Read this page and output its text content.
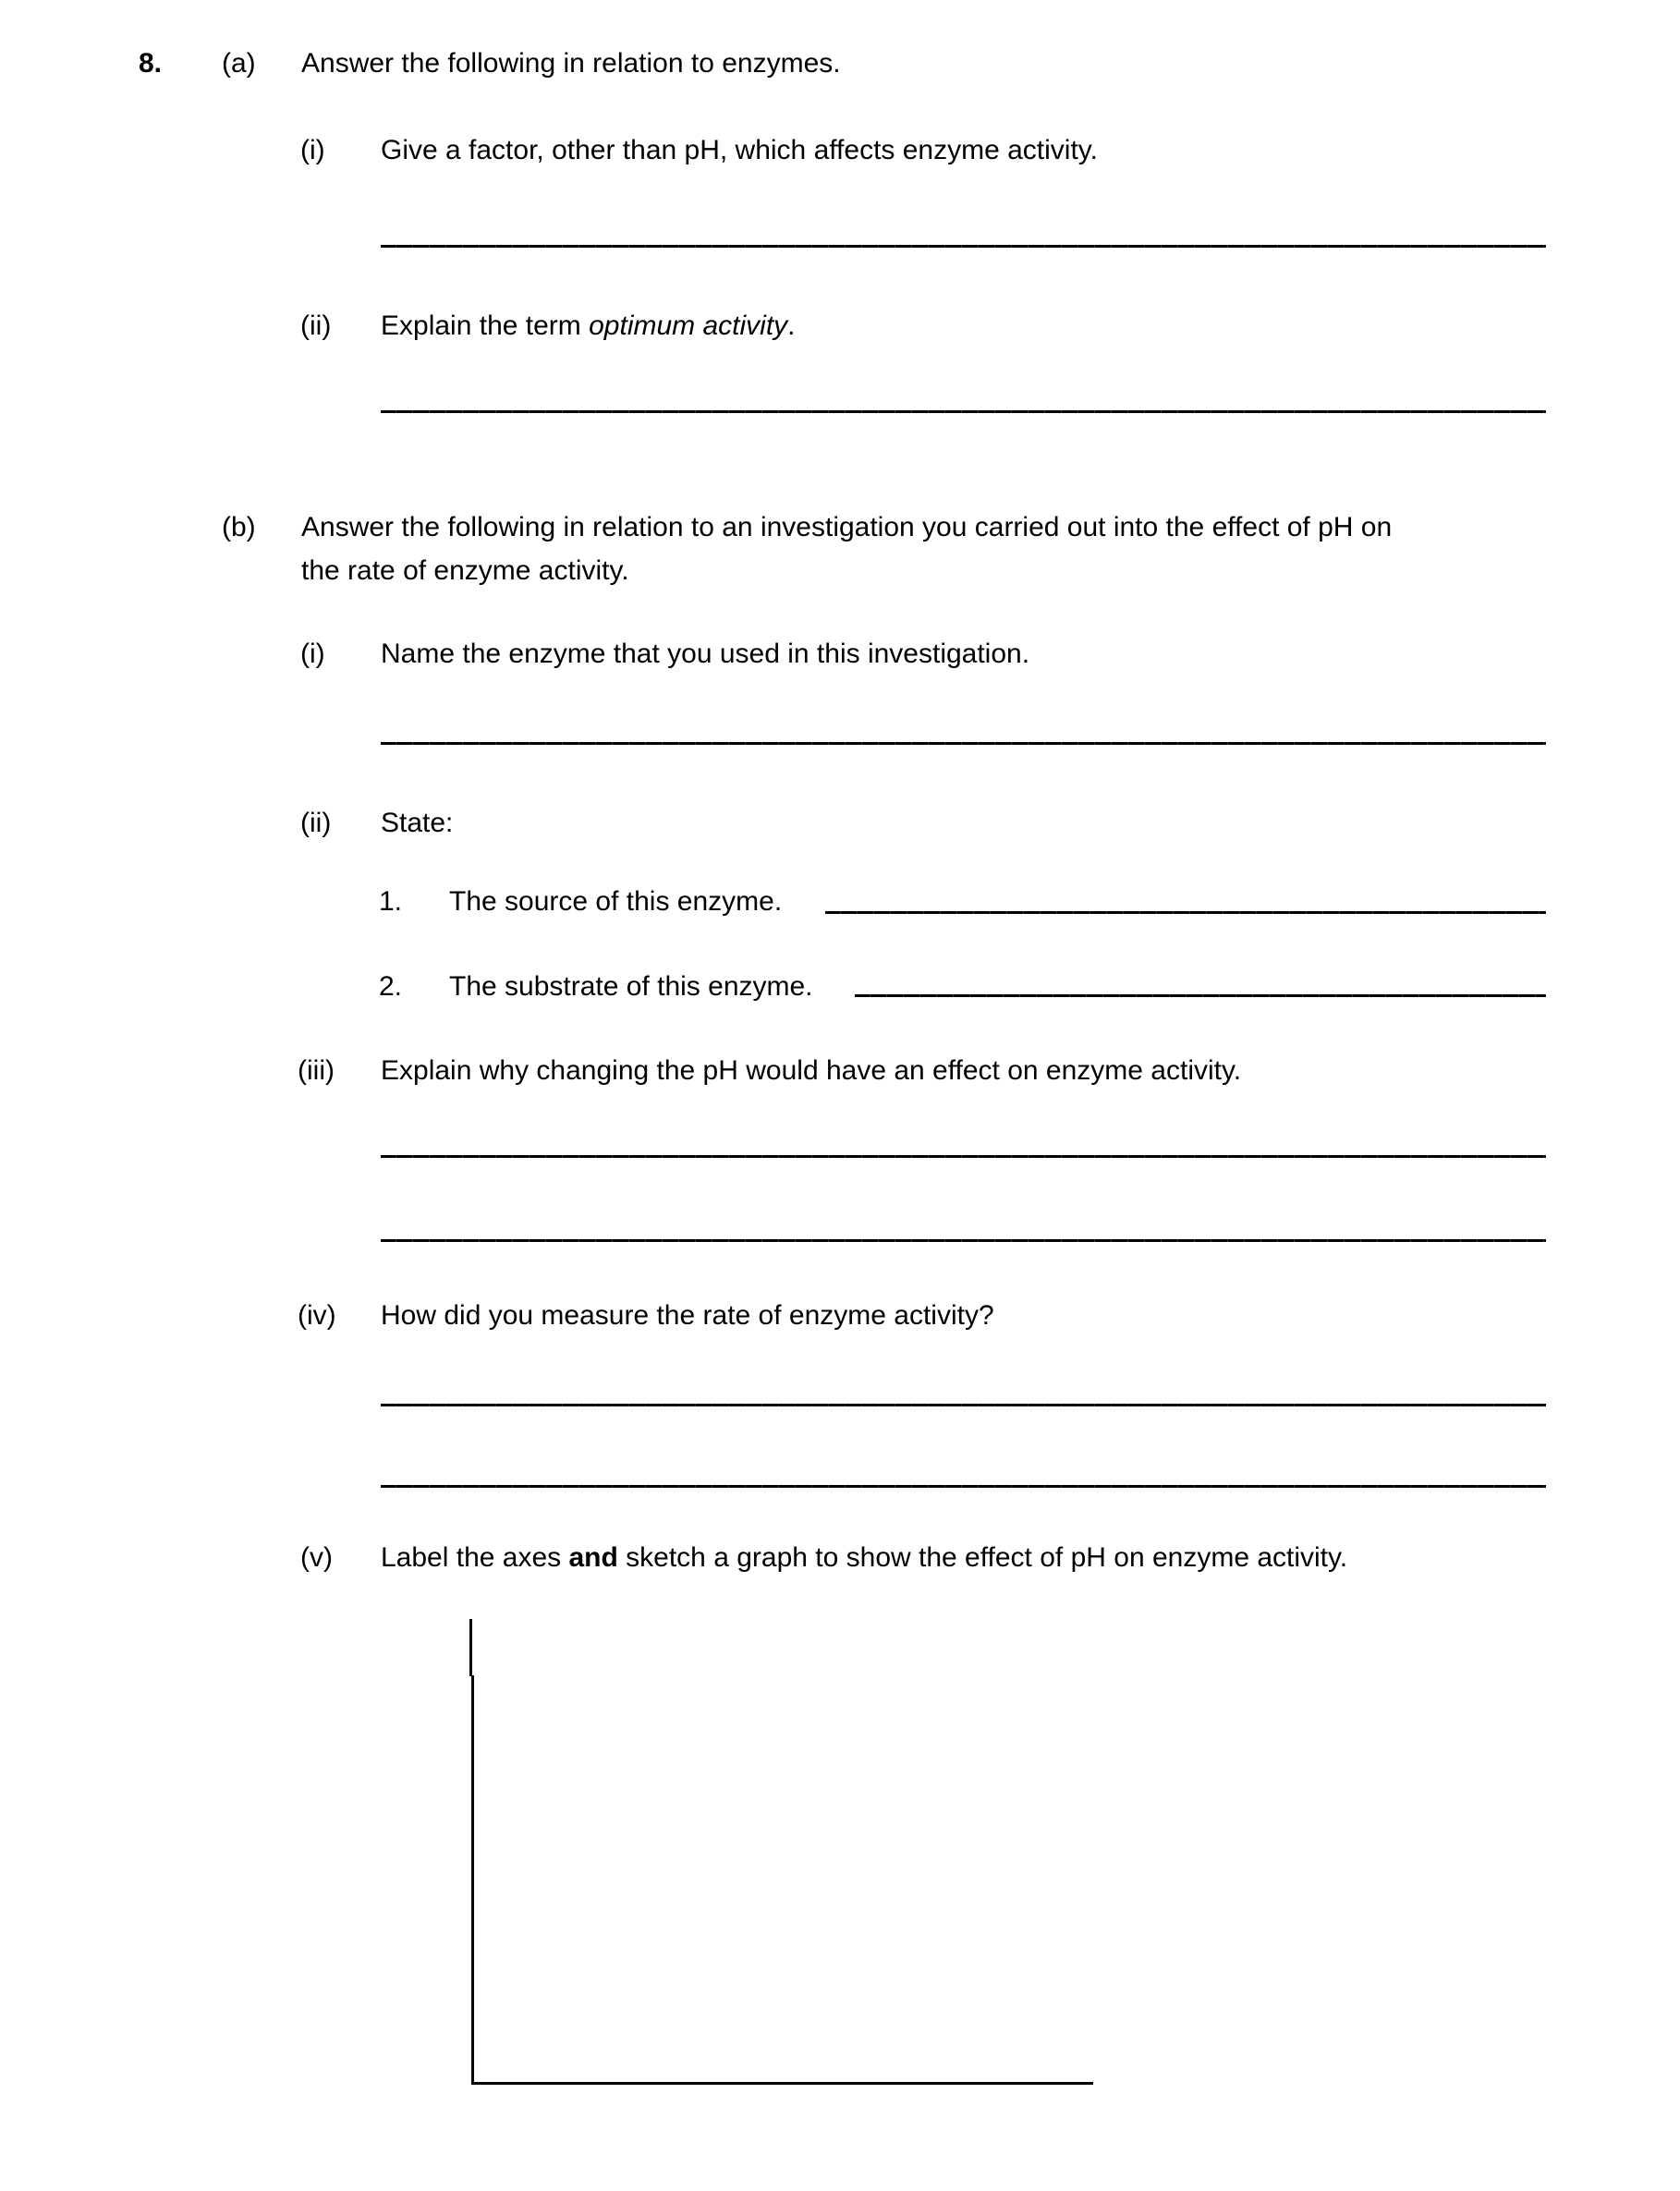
8. (a) Answer the following in relation to enzymes.
(i) Give a factor, other than pH, which affects enzyme activity.
(ii) Explain the term optimum activity.
(b) Answer the following in relation to an investigation you carried out into the effect of pH on
the rate of enzyme activity.
(i) Name the enzyme that you used in this investigation.
(ii) State:
1. The source of this enzyme.
2. The substrate of this enzyme.
(iii) Explain why changing the pH would have an effect on enzyme activity.
(iv) How did you measure the rate of enzyme activity?
(v) Label the axes and sketch a graph to show the effect of pH on enzyme activity.
